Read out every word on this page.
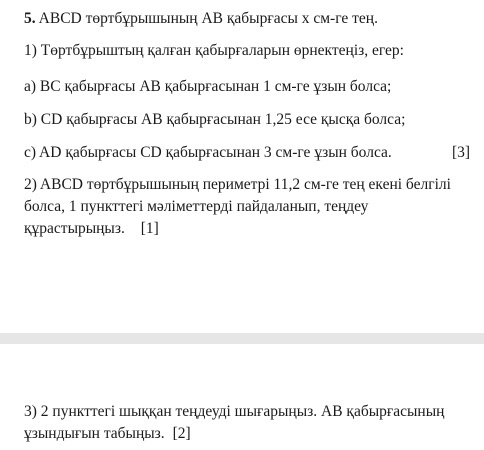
5. ABCD төртбұрышының AB қабырғасы x см-ге тең.
1) Төртбұрыштың қалған қабырғаларын өрнектеңіз, егер:
a) BC қабырғасы AB қабырғасынан 1 см-ге ұзын болса;
b) CD қабырғасы AB қабырғасынан 1,25 есе қысқа болса;
c) AD қабырғасы CD қабырғасынан 3 см-ге ұзын болса.	[3]
2) ABCD төртбұрышының периметрі 11,2 см-ге тең екені белгілі
болса, 1 пункттегі мәліметтерді пайдаланып, теңдеу
құрастырыңыз. [1]
3) 2 пункттегі шыққан теңдеуді шығарыңыз. AB қабырғасының
ұзындығын табыңыз. [2]
